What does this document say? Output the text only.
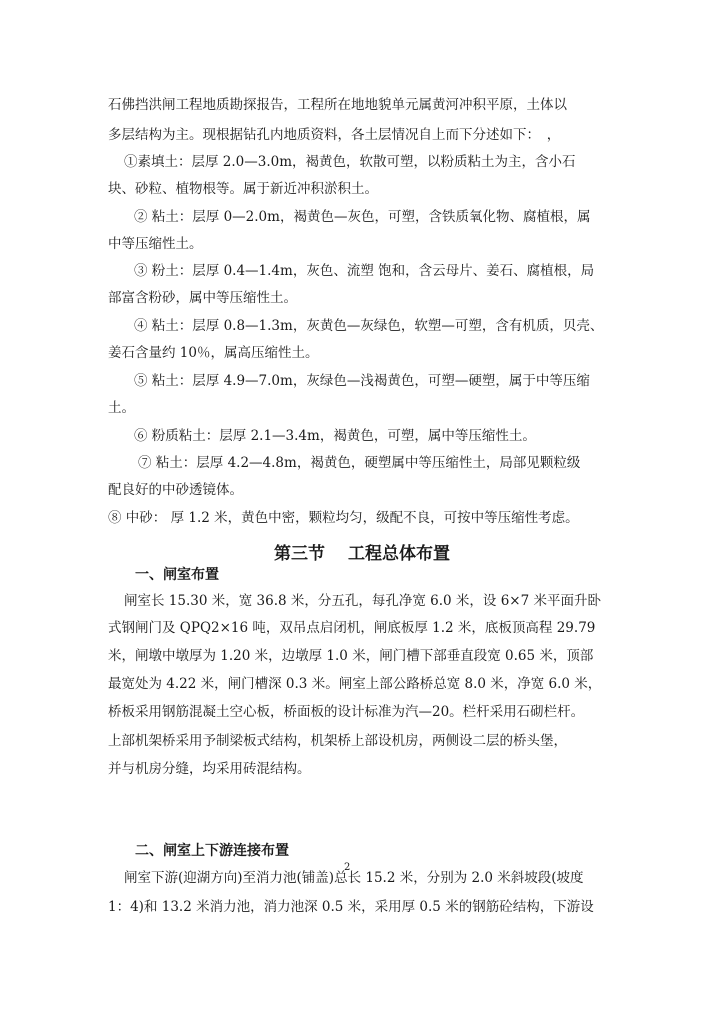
石佛挡洪闸工程地质勘探报告，工程所在地地貌单元属黄河冲积平原，土体以
多层结构为主。现根据钻孔内地质资料，各土层情况自上而下分述如下：　，
①素填土：层厚 2.0—3.0m，褐黄色，软散可塑，以粉质粘土为主，含小石
块、砂粒、植物根等。属于新近冲积淤积土。
② 粘土：层厚 0—2.0m，褐黄色—灰色，可塑，含铁质氧化物、腐植根，属
中等压缩性土。
③ 粉土：层厚 0.4—1.4m，灰色、流塑 饱和，含云母片、姜石、腐植根，局
部富含粉砂，属中等压缩性土。
④ 粘土：层厚 0.8—1.3m，灰黄色—灰绿色，软塑—可塑，含有机质，贝壳、
姜石含量约 10％，属高压缩性土。
⑤ 粘土：层厚 4.9—7.0m，灰绿色—浅褐黄色，可塑—硬塑，属于中等压缩
土。
⑥ 粉质粘土：层厚 2.1—3.4m，褐黄色，可塑，属中等压缩性土。
⑦ 粘土：层厚 4.2—4.8m，褐黄色，硬塑属中等压缩性土，局部见颗粒级
配良好的中砂透镜体。
⑧ 中砂： 厚 1.2 米，黄色中密，颗粒均匀，级配不良，可按中等压缩性考虑。
第三节　 工程总体布置
一、闸室布置
闸室长 15.30 米，宽 36.8 米，分五孔，每孔净宽 6.0 米，设 6×7 米平面升卧
式钢闸门及 QPQ2×16 吨，双吊点启闭机，闸底板厚 1.2 米，底板顶高程 29.79
米，闸墩中墩厚为 1.20 米，边墩厚 1.0 米，闸门槽下部垂直段宽 0.65 米，顶部
最宽处为 4.22 米，闸门槽深 0.3 米。闸室上部公路桥总宽 8.0 米，净宽 6.0 米，
桥板采用钢筋混凝土空心板，桥面板的设计标准为汽—20。栏杆采用石砌栏杆。
上部机架桥采用予制梁板式结构，机架桥上部设机房，两侧设二层的桥头堡，
并与机房分缝，均采用砖混结构。
二、闸室上下游连接布置
闸室下游(迎湖方向)至消力池(铺盖)总长 15.2 米，分别为 2.0 米斜坡段(坡度
1：4)和 13.2 米消力池，消力池深 0.5 米，采用厚 0.5 米的钢筋砼结构，下游设
2
